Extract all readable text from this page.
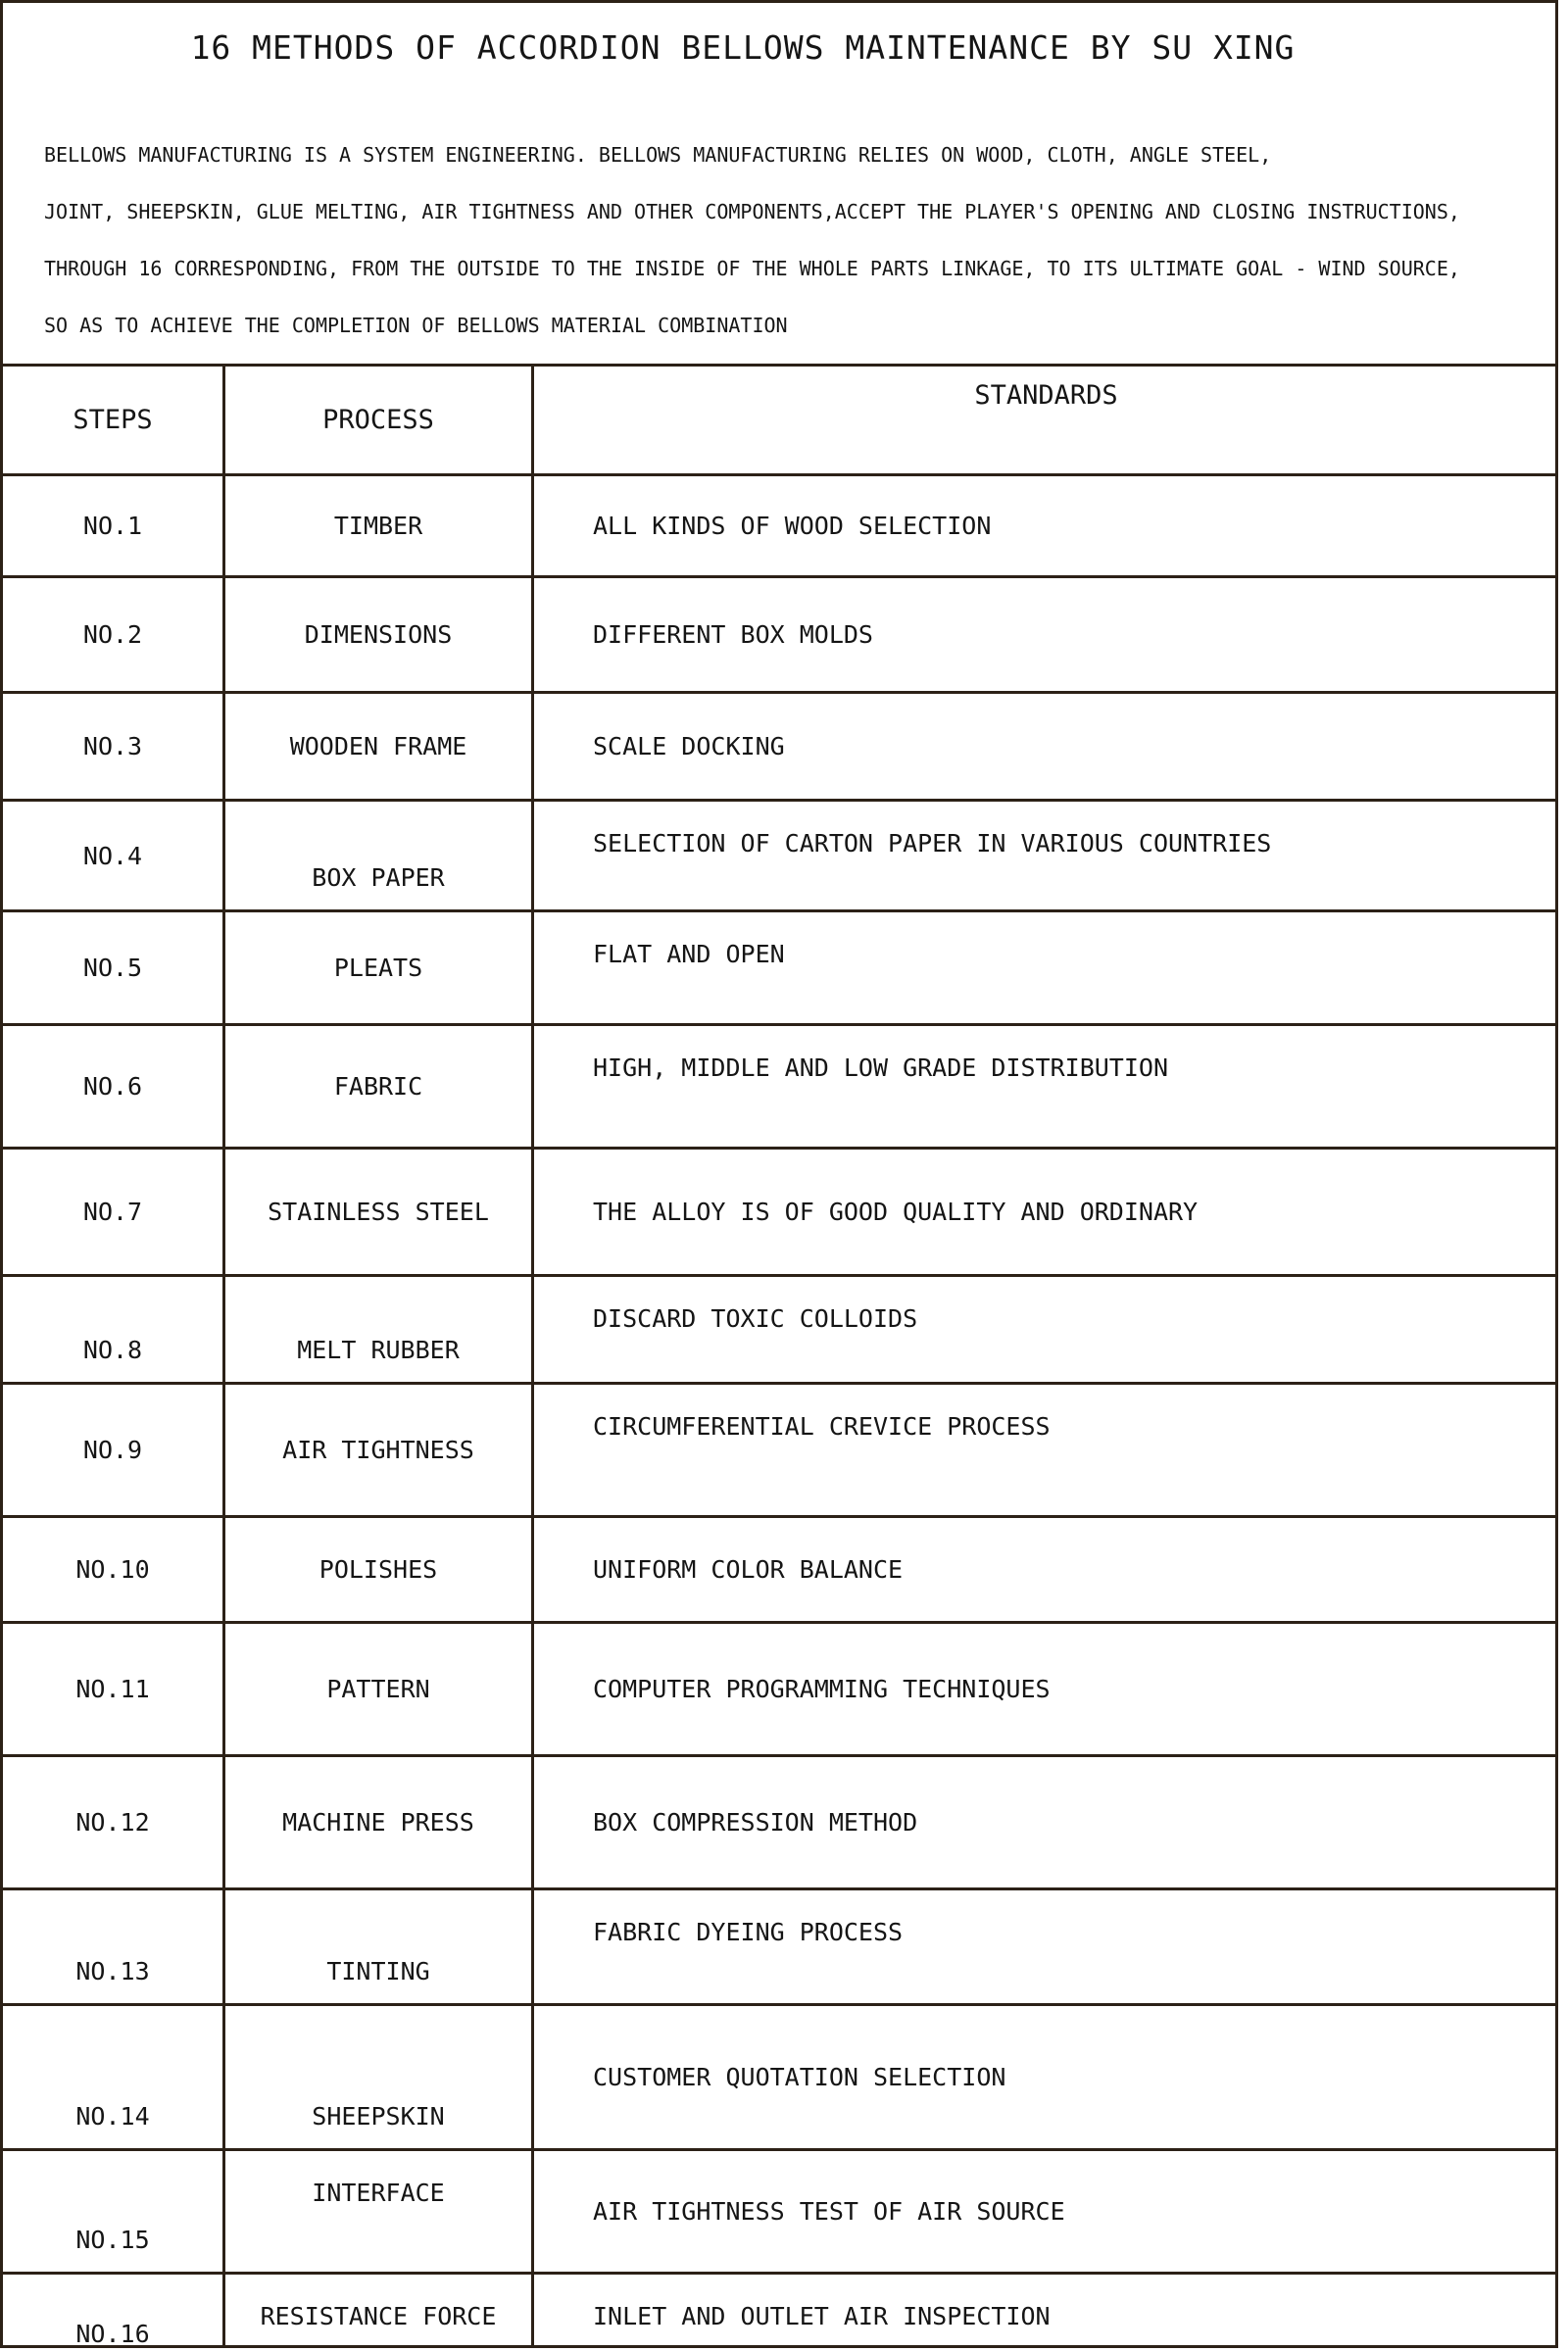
16 METHODS OF ACCORDION BELLOWS MAINTENANCE BY SU XING
BELLOWS MANUFACTURING IS A SYSTEM ENGINEERING. BELLOWS MANUFACTURING RELIES ON WOOD, CLOTH, ANGLE STEEL,
JOINT, SHEEPSKIN, GLUE MELTING, AIR TIGHTNESS AND OTHER COMPONENTS,ACCEPT THE PLAYER'S OPENING AND CLOSING INSTRUCTIONS,
THROUGH 16 CORRESPONDING, FROM THE OUTSIDE TO THE INSIDE OF THE WHOLE PARTS LINKAGE, TO ITS ULTIMATE GOAL - WIND SOURCE,
SO AS TO ACHIEVE THE COMPLETION OF BELLOWS MATERIAL COMBINATION
STEPS	PROCESS	STANDARDS
NO.1	TIMBER	ALL KINDS OF WOOD SELECTION
NO.2	DIMENSIONS	DIFFERENT BOX MOLDS
NO.3	WOODEN FRAME	SCALE DOCKING
NO.4	BOX PAPER	SELECTION OF CARTON PAPER IN VARIOUS COUNTRIES
NO.5	PLEATS	FLAT AND OPEN
NO.6	FABRIC	HIGH, MIDDLE AND LOW GRADE DISTRIBUTION
NO.7	STAINLESS STEEL	THE ALLOY IS OF GOOD QUALITY AND ORDINARY
NO.8	MELT RUBBER	DISCARD TOXIC COLLOIDS
NO.9	AIR TIGHTNESS	CIRCUMFERENTIAL CREVICE PROCESS
NO.10	POLISHES	UNIFORM COLOR BALANCE
NO.11	PATTERN	COMPUTER PROGRAMMING TECHNIQUES
NO.12	MACHINE PRESS	BOX COMPRESSION METHOD
NO.13	TINTING	FABRIC DYEING PROCESS
NO.14	SHEEPSKIN	CUSTOMER QUOTATION SELECTION
NO.15	INTERFACE	AIR TIGHTNESS TEST OF AIR SOURCE
NO.16	RESISTANCE FORCE	INLET AND OUTLET AIR INSPECTION
